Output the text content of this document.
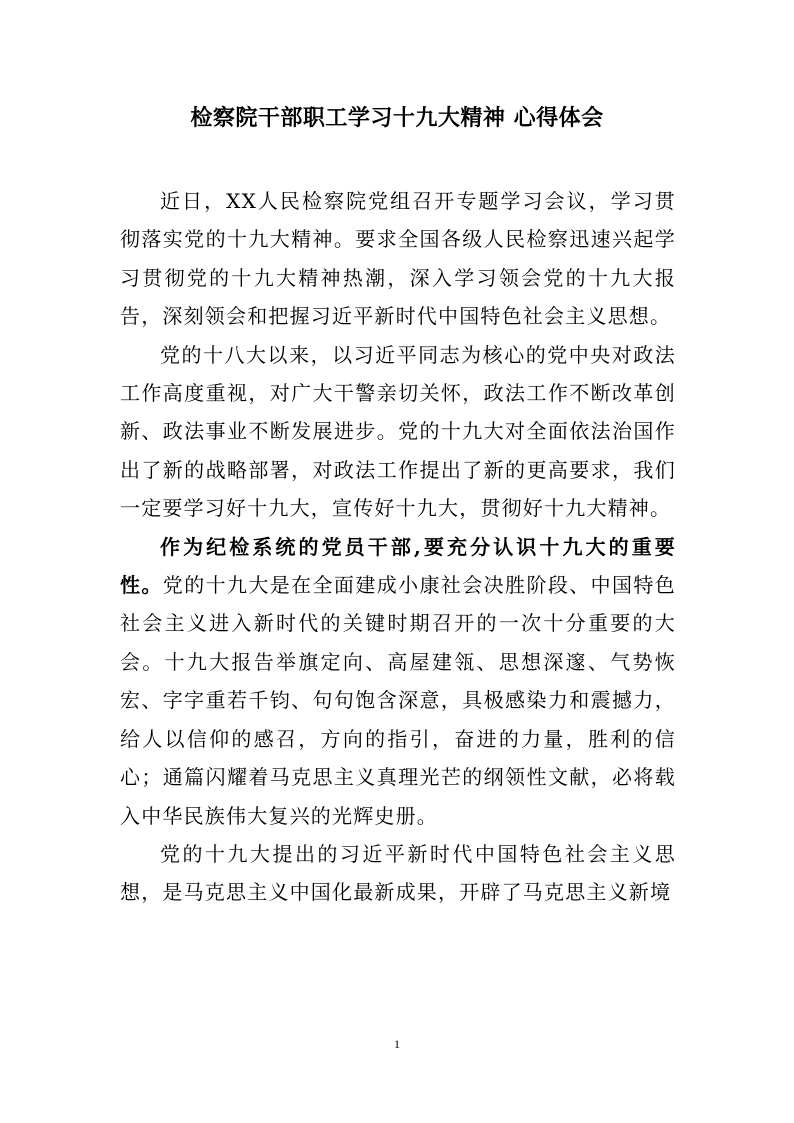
检察院干部职工学习十九大精神 心得体会

近日，XX人民检察院党组召开专题学习会议，学习贯彻落实党的十九大精神。要求全国各级人民检察迅速兴起学习贯彻党的十九大精神热潮，深入学习领会党的十九大报告，深刻领会和把握习近平新时代中国特色社会主义思想。

党的十八大以来，以习近平同志为核心的党中央对政法工作高度重视，对广大干警亲切关怀，政法工作不断改革创新、政法事业不断发展进步。党的十九大对全面依法治国作出了新的战略部署，对政法工作提出了新的更高要求，我们一定要学习好十九大，宣传好十九大，贯彻好十九大精神。

作为纪检系统的党员干部,要充分认识十九大的重要性。党的十九大是在全面建成小康社会决胜阶段、中国特色社会主义进入新时代的关键时期召开的一次十分重要的大会。十九大报告举旗定向、高屋建瓴、思想深邃、气势恢宏、字字重若千钧、句句饱含深意，具极感染力和震撼力，给人以信仰的感召，方向的指引，奋进的力量，胜利的信心；通篇闪耀着马克思主义真理光芒的纲领性文献，必将载入中华民族伟大复兴的光辉史册。

党的十九大提出的习近平新时代中国特色社会主义思想，是马克思主义中国化最新成果，开辟了马克思主义新境

1
